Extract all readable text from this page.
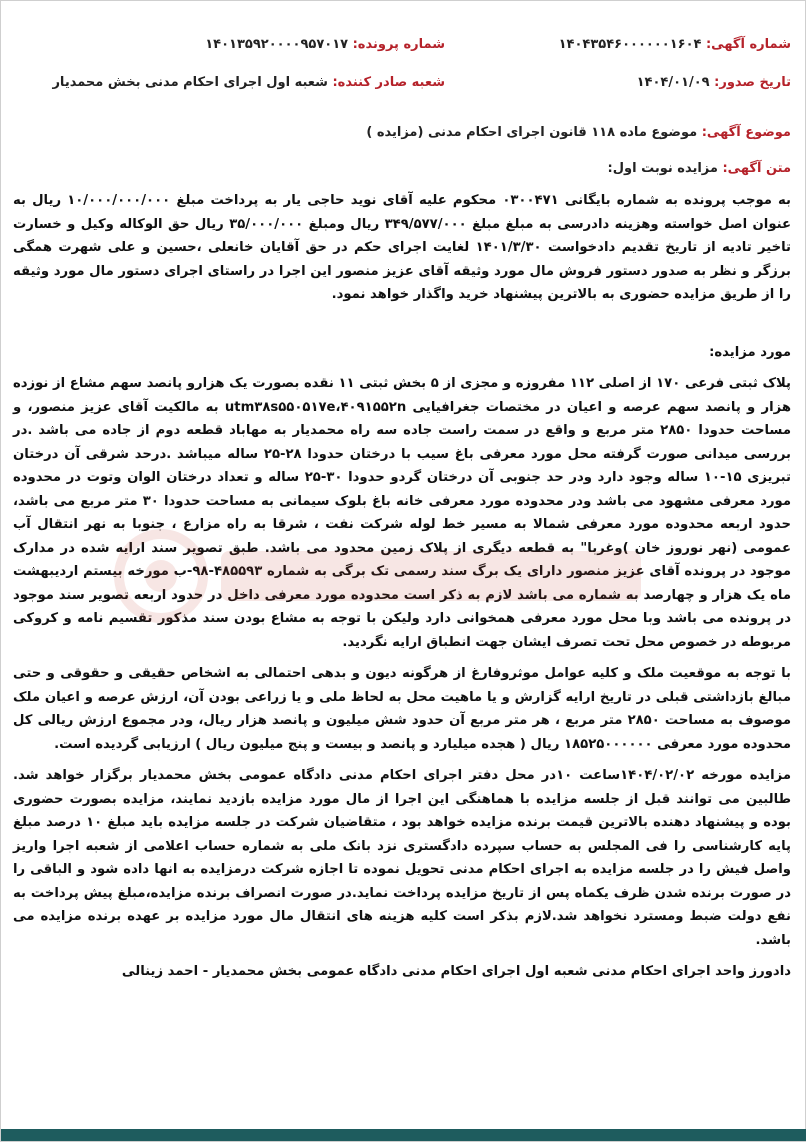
شماره آگهی: ۱۴۰۴۳۵۴۶۰۰۰۰۰۰۱۶۰۴
شماره پرونده: ۱۴۰۱۳۵۹۲۰۰۰۰۹۵۷۰۱۷
تاریخ صدور: ۱۴۰۴/۰۱/۰۹
شعبه صادر کننده: شعبه اول اجرای احکام مدنی بخش محمدیار
موضوع آگهی: موضوع ماده ۱۱۸ قانون اجرای احکام مدنی (مزایده )
متن آگهی: مزایده نوبت اول:

به موجب پرونده به شماره بایگانی ۰۳۰۰۴۷۱ محکوم علیه آقای نوید حاجی یار به پرداخت مبلغ ۱۰/۰۰۰/۰۰۰/۰۰۰ ریال به عنوان اصل خواسته وهزینه دادرسی به مبلغ مبلغ ۳۴۹/۵۷۷/۰۰۰ ریال ومبلغ ۳۵/۰۰۰/۰۰۰ ریال حق الوکاله وکیل و خسارت تاخیر تادیه از تاریخ تقدیم دادخواست ۱۴۰۱/۳/۳۰ لغایت اجرای حکم در حق آقایان خانعلی ،حسین و علی شهرت همگی برزگر و نظر به صدور دستور فروش مال مورد وثیقه آقای عزیز منصور این اجرا در راستای اجرای دستور مال مورد وثیقه را از طریق مزایده حضوری به بالاترین پیشنهاد خرید واگذار خواهد نمود.

مورد مزایده:

پلاک ثبتی فرعی ۱۷۰ از اصلی ۱۱۲ مفروزه و مجزی از ۵ بخش ثبتی ۱۱ نقده بصورت یک هزارو پانصد سهم مشاع از نوزده هزار و پانصد سهم عرصه و اعیان در مختصات جغرافیایی utm۳۸s۵۵۰۵۱۷e،۴۰۹۱۵۵۲n به مالکیت آقای عزیز منصور، و مساحت حدودا ۲۸۵۰ متر مربع و واقع در سمت راست جاده سه راه محمدیار به مهاباد قطعه دوم از جاده می باشد .در بررسی میدانی صورت گرفته محل مورد معرفی باغ سیب با درختان حدودا ۲۸-۲۵ ساله میباشد .درحد شرقی آن درختان تبریزی ۱۵-۱۰ ساله وجود دارد ودر حد جنوبی آن درختان گردو حدودا ۳۰-۲۵ ساله و تعداد درختان الوان وتوت در محدوده مورد معرفی مشهود می باشد ودر محدوده مورد معرفی خانه باغ بلوک سیمانی به مساحت حدودا ۳۰ متر مربع می باشد، حدود اربعه محدوده مورد معرفی شمالا به مسیر خط لوله شرکت نفت ، شرقا به راه مزارع ، جنوبا به نهر انتقال آب عمومی (نهر نوروز خان )وغربا" به قطعه دیگری از پلاک زمین محدود می باشد. طبق تصویر سند ارایه شده در مدارک موجود در پرونده آقای عزیز منصور دارای یک برگ سند رسمی تک برگی به شماره ۴۸۵۵۹۳-۹۸-ب مورخه بیستم اردیبهشت ماه یک هزار و چهارصد به شماره می باشد لازم به ذکر است محدوده مورد معرفی داخل در حدود اربعه تصویر سند موجود در پرونده می باشد وبا محل مورد معرفی همخوانی دارد ولیکن با توجه به مشاع بودن سند مذکور تقسیم نامه و کروکی مربوطه در خصوص محل تحت تصرف ایشان جهت انطباق ارایه نگردید.

با توجه به موقعیت ملک و کلیه عوامل موثروفارغ از هرگونه دیون و بدهی احتمالی به اشخاص حقیقی و حقوقی و حتی مبالغ بازداشتی قبلی در تاریخ ارایه گزارش و یا ماهیت محل به لحاظ ملی و یا زراعی بودن آن، ارزش عرصه و اعیان ملک موصوف به مساحت ۲۸۵۰ متر مربع ، هر متر مربع آن حدود شش میلیون و پانصد هزار ریال، ودر مجموع ارزش ریالی کل محدوده مورد معرفی ۱۸۵۲۵۰۰۰۰۰۰ ریال ( هجده میلیارد و پانصد و بیست و پنج میلیون ریال ) ارزیابی گردیده است.

مزایده مورخه ۱۴۰۴/۰۲/۰۲ساعت ۱۰در محل دفتر اجرای احکام مدنی دادگاه عمومی بخش محمدیار برگزار خواهد شد. طالبین می توانند قبل از جلسه مزایده با هماهنگی این اجرا از مال مورد مزایده بازدید نمایند، مزایده بصورت حضوری بوده و پیشنهاد دهنده بالاترین قیمت برنده مزایده خواهد بود ، متقاضیان شرکت در جلسه مزایده باید مبلغ ۱۰ درصد مبلغ پایه کارشناسی را فی المجلس به حساب سپرده دادگستری نزد بانک ملی به شماره حساب اعلامی از شعبه اجرا واریز واصل فیش را در جلسه مزایده به اجرای احکام مدنی تحویل نموده تا اجازه شرکت درمزایده به انها داده شود و الباقی را در صورت برنده شدن ظرف یکماه پس از تاریخ مزایده پرداخت نماید.در صورت انصراف برنده مزایده،مبلغ پیش پرداخت به نفع دولت ضبط ومسترد نخواهد شد.لازم بذکر است کلیه هزینه های انتقال مال مورد مزایده بر عهده برنده مزایده می باشد.

دادورز واحد اجرای احکام مدنی شعبه اول اجرای احکام مدنی دادگاه عمومی بخش محمدیار - احمد زینالی
